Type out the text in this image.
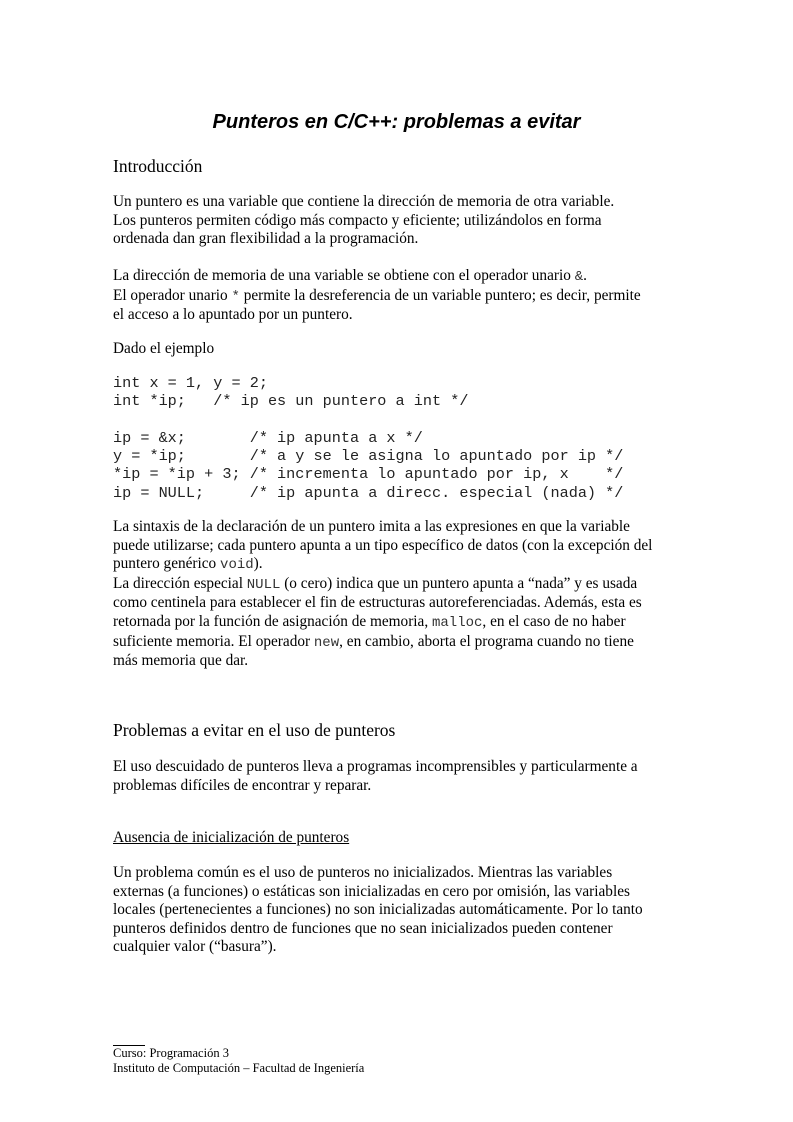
Punteros en C/C++: problemas a evitar
Introducción
Un puntero es una variable que contiene la dirección de memoria de otra variable.
Los punteros permiten código más compacto y eficiente; utilizándolos en forma
ordenada dan gran flexibilidad a la programación.
La dirección de memoria de una variable se obtiene con el operador unario &.
El operador unario * permite la desreferencia de un variable puntero; es decir, permite
el acceso a lo apuntado por un puntero.
Dado el ejemplo
int x = 1, y = 2;
int *ip;   /* ip es un puntero a int */
ip = &x;       /* ip apunta a x */
y = *ip;       /* a y se le asigna lo apuntado por ip */
*ip = *ip + 3; /* incrementa lo apuntado por ip, x    */
ip = NULL;     /* ip apunta a direcc. especial (nada) */
La sintaxis de la declaración de un puntero imita a las expresiones en que la variable
puede utilizarse; cada puntero apunta a un tipo específico de datos (con la excepción del
puntero genérico void).
La dirección especial NULL (o cero) indica que un puntero apunta a “nada” y es usada
como centinela para establecer el fin de estructuras autoreferenciadas. Además, esta es
retornada por la función de asignación de memoria, malloc, en el caso de no haber
suficiente memoria. El operador new, en cambio, aborta el programa cuando no tiene
más memoria que dar.
Problemas a evitar en el uso de punteros
El uso descuidado de punteros lleva a programas incomprensibles y particularmente a
problemas difíciles de encontrar y reparar.
Ausencia de inicialización de punteros
Un problema común es el uso de punteros no inicializados. Mientras las variables
externas (a funciones) o estáticas son inicializadas en cero por omisión, las variables
locales (pertenecientes a funciones) no son inicializadas automáticamente. Por lo tanto
punteros definidos dentro de funciones que no sean inicializados pueden contener
cualquier valor (“basura”).
Curso: Programación 3
Instituto de Computación – Facultad de Ingeniería
